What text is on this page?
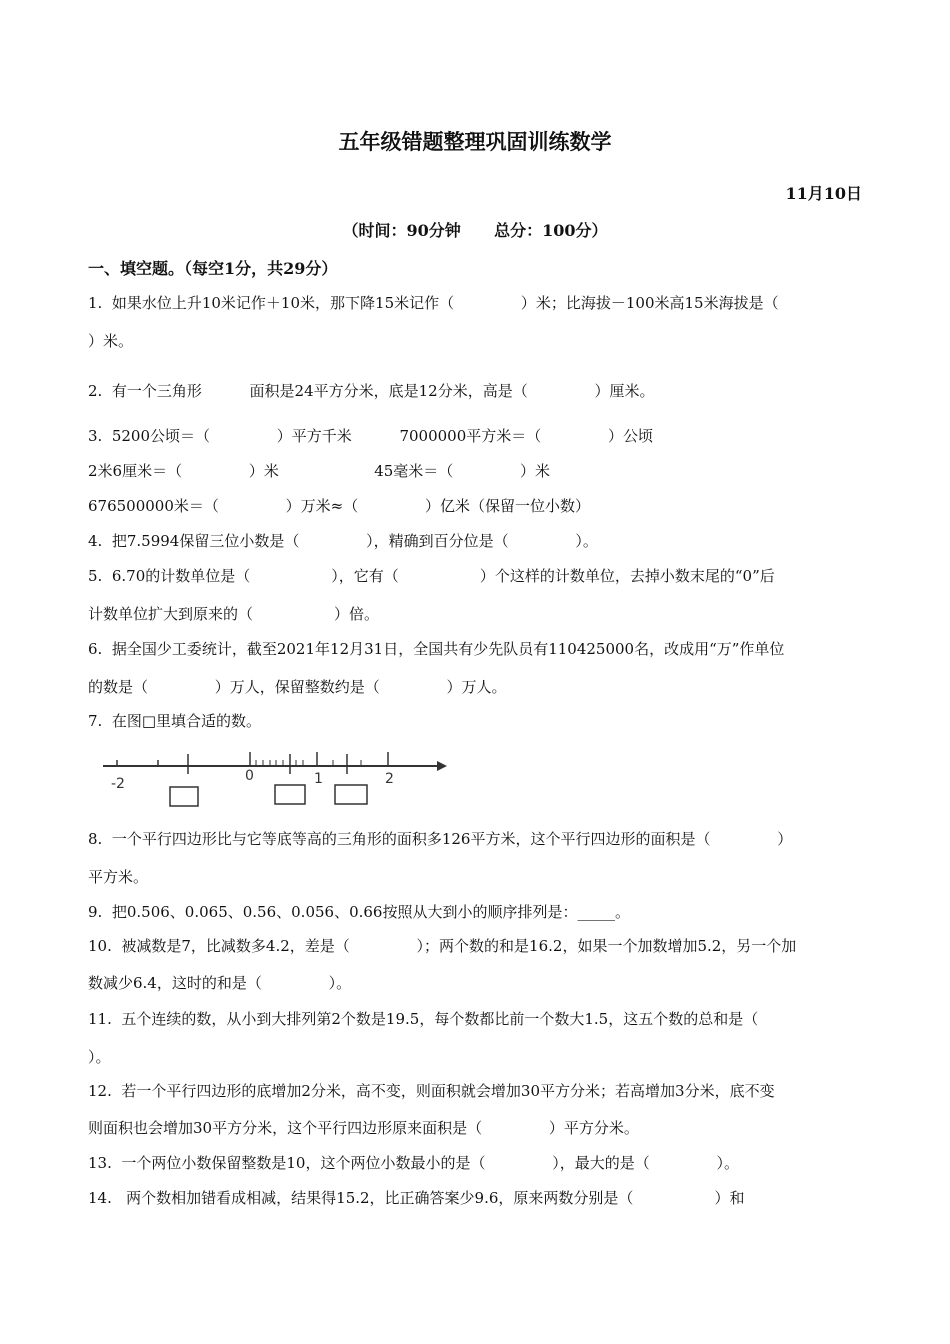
五年级错题整理巩固训练数学
11月10日
（时间：90分钟      总分：100分）
一、填空题。（每空1分，共29分）
1.  如果水位上升10米记作＋10米，那下降15米记作（              ）米；比海拔－100米高15米海拔是（
）米。
2.  有一个三角形          面积是24平方分米，底是12分米，高是（              ）厘米。
3.  5200公顷＝（              ）平方千米          7000000平方米＝（              ）公顷
2米6厘米＝（              ）米                    45毫米＝（              ）米
676500000米＝（              ）万米≈（              ）亿米（保留一位小数）
4.  把7.5994保留三位小数是（              ），精确到百分位是（              ）。
5.  6.70的计数单位是（                 ），它有（                 ）个这样的计数单位，去掉小数末尾的“0”后
计数单位扩大到原来的（                 ）倍。
6.  据全国少工委统计，截至2021年12月31日，全国共有少先队员有110425000名，改成用“万”作单位
的数是（              ）万人，保留整数约是（              ）万人。
7.  在图□里填合适的数。
-2	0	1	2
8.  一个平行四边形比与它等底等高的三角形的面积多126平方米，这个平行四边形的面积是（              ）
平方米。
9.  把0.506、0.065、0.56、0.056、0.66按照从大到小的顺序排列是：_____。
10.  被减数是7，比减数多4.2，差是（              ）；两个数的和是16.2，如果一个加数增加5.2，另一个加
数减少6.4，这时的和是（              ）。
11.  五个连续的数，从小到大排列第2个数是19.5，每个数都比前一个数大1.5，这五个数的总和是（
）。
12.  若一个平行四边形的底增加2分米，高不变，则面积就会增加30平方分米；若高增加3分米，底不变
则面积也会增加30平方分米，这个平行四边形原来面积是（              ）平方分米。
13.  一个两位小数保留整数是10，这个两位小数最小的是（              ），最大的是（              ）。
14.   两个数相加错看成相减，结果得15.2，比正确答案少9.6，原来两数分别是（                 ）和
